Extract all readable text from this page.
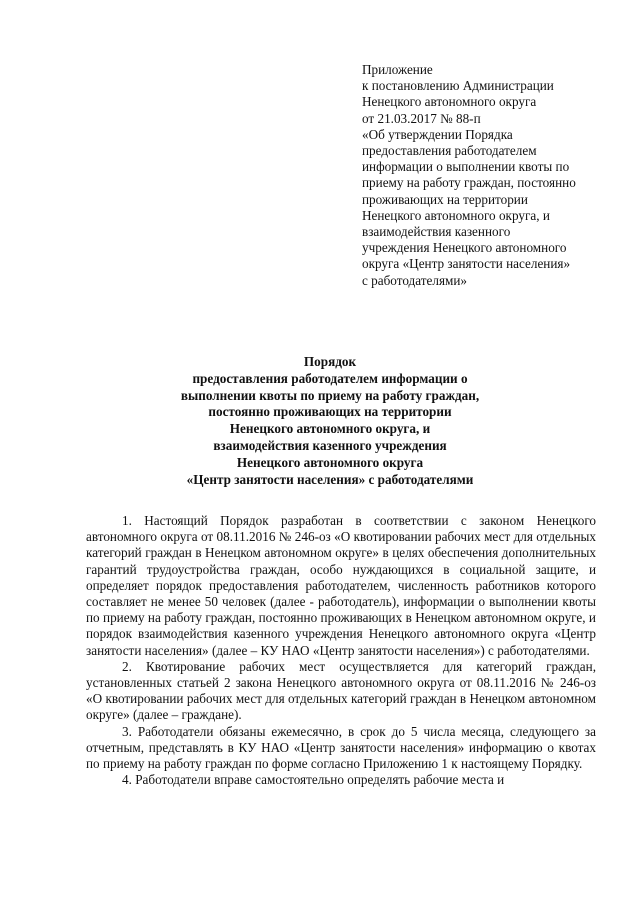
Приложение
к постановлению Администрации
Ненецкого автономного округа
от 21.03.2017 № 88-п
«Об утверждении Порядка
предоставления работодателем
информации о выполнении квоты по
приему на работу граждан, постоянно
проживающих на территории
Ненецкого автономного округа, и
взаимодействия казенного
учреждения Ненецкого автономного
округа «Центр занятости населения»
с работодателями»
Порядок
предоставления работодателем информации о
выполнении квоты по приему на работу граждан,
постоянно проживающих на территории
Ненецкого автономного округа, и
взаимодействия казенного учреждения
Ненецкого автономного округа
«Центр занятости населения» с работодателями

1. Настоящий Порядок разработан в соответствии с законом Ненецкого автономного округа от 08.11.2016 № 246-оз «О квотировании рабочих мест для отдельных категорий граждан в Ненецком автономном округе» в целях обеспечения дополнительных гарантий трудоустройства граждан, особо нуждающихся в социальной защите, и определяет порядок предоставления работодателем, численность работников которого составляет не менее 50 человек (далее - работодатель), информации о выполнении квоты по приему на работу граждан, постоянно проживающих в Ненецком автономном округе, и порядок взаимодействия казенного учреждения Ненецкого автономного округа «Центр занятости населения» (далее – КУ НАО «Центр занятости населения») с работодателями.

2. Квотирование рабочих мест осуществляется для категорий граждан, установленных статьей 2 закона Ненецкого автономного округа от 08.11.2016 № 246-оз «О квотировании рабочих мест для отдельных категорий граждан в Ненецком автономном округе» (далее – граждане).

3. Работодатели обязаны ежемесячно, в срок до 5 числа месяца, следующего за отчетным, представлять в КУ НАО «Центр занятости населения» информацию о квотах по приему на работу граждан по форме согласно Приложению 1 к настоящему Порядку.

4. Работодатели вправе самостоятельно определять рабочие места и
